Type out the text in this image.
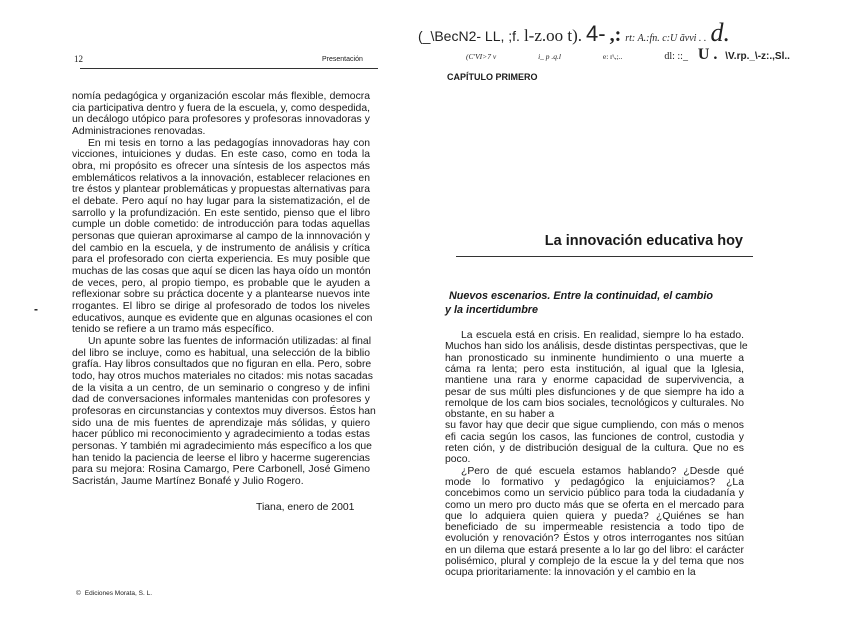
12	Presentación
-
nomía pedagógica y organización escolar más flexible, democra
cia participativa dentro y fuera de la escuela, y, como despedida,
un decálogo utópico para profesores y profesoras innovadoras y
Administraciones renovadas.
En mi tesis en torno a las pedagogías innovadoras hay con
vicciones, intuiciones y dudas. En este caso, como en toda la
obra, mi propósito es ofrecer una síntesis de los aspectos más
emblemáticos relativos a la innovación, establecer relaciones en
tre éstos y plantear problemáticas y propuestas alternativas para
el debate. Pero aquí no hay lugar para la sistematización, el de
sarrollo y la profundización. En este sentido, pienso que el libro
cumple un doble cometido: de introducción para todas aquellas
personas que quieran aproximarse al campo de la innnovación y
del cambio en la escuela, y de instrumento de análisis y crítica
para el profesorado con cierta experiencia. Es muy posible que
muchas de las cosas que aquí se dicen las haya oído un montón
de veces, pero, al propio tiempo, es probable que le ayuden a
reflexionar sobre su práctica docente y a plantearse nuevos inte
rrogantes. El libro se dirige al profesorado de todos los niveles
educativos, aunque es evidente que en algunas ocasiones el con
tenido se refiere a un tramo más específico.
Un apunte sobre las fuentes de información utilizadas: al final
del libro se incluye, como es habitual, una selección de la biblio
grafía. Hay libros consultados que no figuran en ella. Pero, sobre
todo, hay otros muchos materiales no citados: mis notas sacadas
de la visita a un centro, de un seminario o congreso y de infini
dad de conversaciones informales mantenidas con profesores y
profesoras en circunstancias y contextos muy diversos. Éstos han
sido una de mis fuentes de aprendizaje más sólidas, y quiero
hacer público mi reconocimiento y agradecimiento a todas estas
personas. Y también mi agradecimiento más específico a los que
han tenido la paciencia de leerse el libro y hacerme sugerencias
para su mejora: Rosina Camargo, Pere Carbonell, José Gimeno
Sacristán, Jaume Martínez Bonafé y Julio Rogero.
Tiana, enero de 2001
© Ediciones Morata, S. L.
(_\BecN2- LL, ;f. l-z.oo t). 4- ,: rt: A.:fn. c:U ãvvi . . d.
(C'VI>7 v	i_ p .q.l	e: r\,;..	dl: ::_ U . \V.rp._\-z:.,Sl..
CAPÍTULO PRIMERO
La innovación educativa hoy
Nuevos escenarios. Entre la continuidad, el cambio
y la incertidumbre
La escuela está en crisis. En realidad, siempre lo ha estado.
Muchos han sido los análisis, desde distintas perspectivas, que le
han pronosticado su inminente hundimiento o una muerte a
cáma ra lenta; pero esta institución, al igual que la Iglesia,
mantiene una rara y enorme capacidad de supervivencia, a
pesar de sus múlti ples disfunciones y de que siempre ha ido a
remolque de los cam bios sociales, tecnológicos y culturales. No
obstante, en su haber a
su favor hay que decir que sigue cumpliendo, con más o menos
efi cacia según los casos, las funciones de control, custodia y
reten ción, y de distribución desigual de la cultura. Que no es
poco.
¿Pero de qué escuela estamos hablando? ¿Desde qué
mode lo formativo y pedagógico la enjuiciamos? ¿La
concebimos como un servicio público para toda la ciudadanía y
como un mero pro ducto más que se oferta en el mercado para
que lo adquiera quien quiera y pueda? ¿Quiénes se han
beneficiado de su impermeable resistencia a todo tipo de
evolución y renovación? Éstos y otros interrogantes nos sitúan
en un dilema que estará presente a lo lar go del libro: el carácter
polisémico, plural y complejo de la escue la y del tema que nos
ocupa prioritariamente: la innovación y el cambio en la
